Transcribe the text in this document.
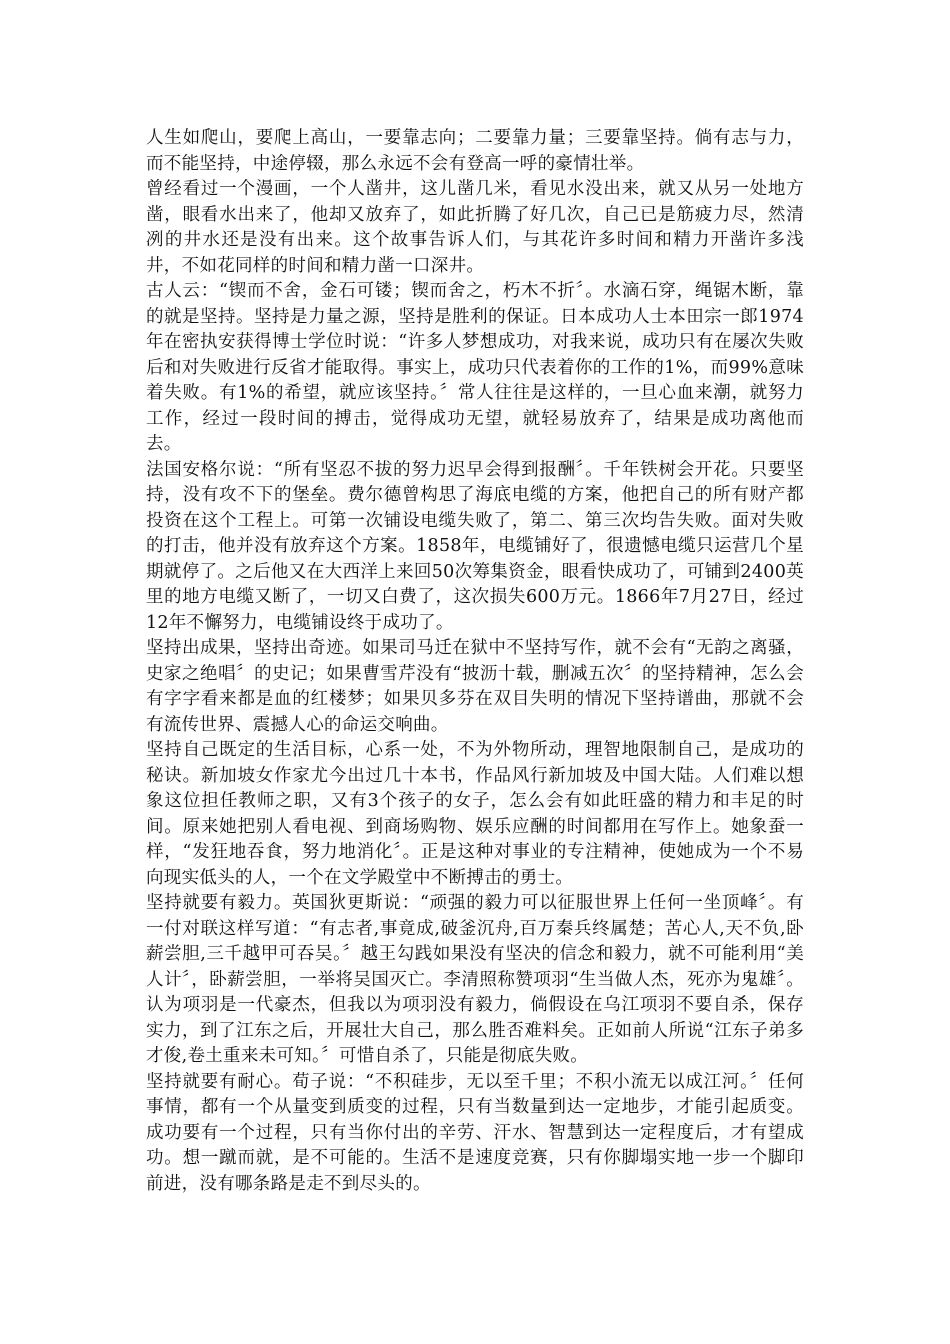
人生如爬山，要爬上高山，一要靠志向；二要靠力量；三要靠坚持。倘有志与力，而不能坚持，中途停辍，那么永远不会有登高一呼的豪情壮举。

曾经看过一个漫画，一个人凿井，这儿凿几米，看见水没出来，就又从另一处地方凿，眼看水出来了，他却又放弃了，如此折腾了好几次，自己已是筋疲力尽，然清冽的井水还是没有出来。这个故事告诉人们，与其花许多时间和精力开凿许多浅井，不如花同样的时间和精力凿一口深井。

古人云：“锲而不舍，金石可镂；锲而舍之，朽木不折〞。水滴石穿，绳锯木断，靠的就是坚持。坚持是力量之源，坚持是胜利的保证。日本成功人士本田宗一郎1974年在密执安获得博士学位时说：“许多人梦想成功，对我来说，成功只有在屡次失败后和对失败进行反省才能取得。事实上，成功只代表着你的工作的1%，而99%意味着失败。有1%的希望，就应该坚持。〞常人往往是这样的，一旦心血来潮，就努力工作，经过一段时间的搏击，觉得成功无望，就轻易放弃了，结果是成功离他而去。

法国安格尔说：“所有坚忍不拔的努力迟早会得到报酬〞。千年铁树会开花。只要坚持，没有攻不下的堡垒。费尔德曾构思了海底电缆的方案，他把自己的所有财产都投资在这个工程上。可第一次铺设电缆失败了，第二、第三次均告失败。面对失败的打击，他并没有放弃这个方案。1858年，电缆铺好了，很遗憾电缆只运营几个星期就停了。之后他又在大西洋上来回50次筹集资金，眼看快成功了，可铺到2400英里的地方电缆又断了，一切又白费了，这次损失600万元。1866年7月27日，经过12年不懈努力，电缆铺设终于成功了。

坚持出成果，坚持出奇迹。如果司马迁在狱中不坚持写作，就不会有“无韵之离骚，史家之绝唱〞的史记；如果曹雪芹没有“披沥十载，删减五次〞的坚持精神，怎么会有字字看来都是血的红楼梦；如果贝多芬在双目失明的情况下坚持谱曲，那就不会有流传世界、震撼人心的命运交响曲。

坚持自己既定的生活目标，心系一处，不为外物所动，理智地限制自己，是成功的秘诀。新加坡女作家尤今出过几十本书，作品风行新加坡及中国大陆。人们难以想象这位担任教师之职，又有3个孩子的女子，怎么会有如此旺盛的精力和丰足的时间。原来她把别人看电视、到商场购物、娱乐应酬的时间都用在写作上。她象蚕一样，“发狂地吞食，努力地消化〞。正是这种对事业的专注精神，使她成为一个不易向现实低头的人，一个在文学殿堂中不断搏击的勇士。

坚持就要有毅力。英国狄更斯说：“顽强的毅力可以征服世界上任何一坐顶峰〞。有一付对联这样写道：“有志者,事竟成,破釜沉舟,百万秦兵终属楚；苦心人,天不负,卧薪尝胆,三千越甲可吞吴。〞越王勾践如果没有坚决的信念和毅力，就不可能利用“美人计〞，卧薪尝胆，一举将吴国灭亡。李清照称赞项羽“生当做人杰，死亦为鬼雄〞。认为项羽是一代豪杰，但我以为项羽没有毅力，倘假设在乌江项羽不要自杀，保存实力，到了江东之后，开展壮大自己，那么胜否难料矣。正如前人所说“江东子弟多才俊,卷土重来未可知。〞可惜自杀了，只能是彻底失败。

坚持就要有耐心。荀子说：“不积硅步，无以至千里；不积小流无以成江河。〞任何事情，都有一个从量变到质变的过程，只有当数量到达一定地步，才能引起质变。成功要有一个过程，只有当你付出的辛劳、汗水、智慧到达一定程度后，才有望成功。想一蹴而就，是不可能的。生活不是速度竞赛，只有你脚塌实地一步一个脚印前进，没有哪条路是走不到尽头的。
